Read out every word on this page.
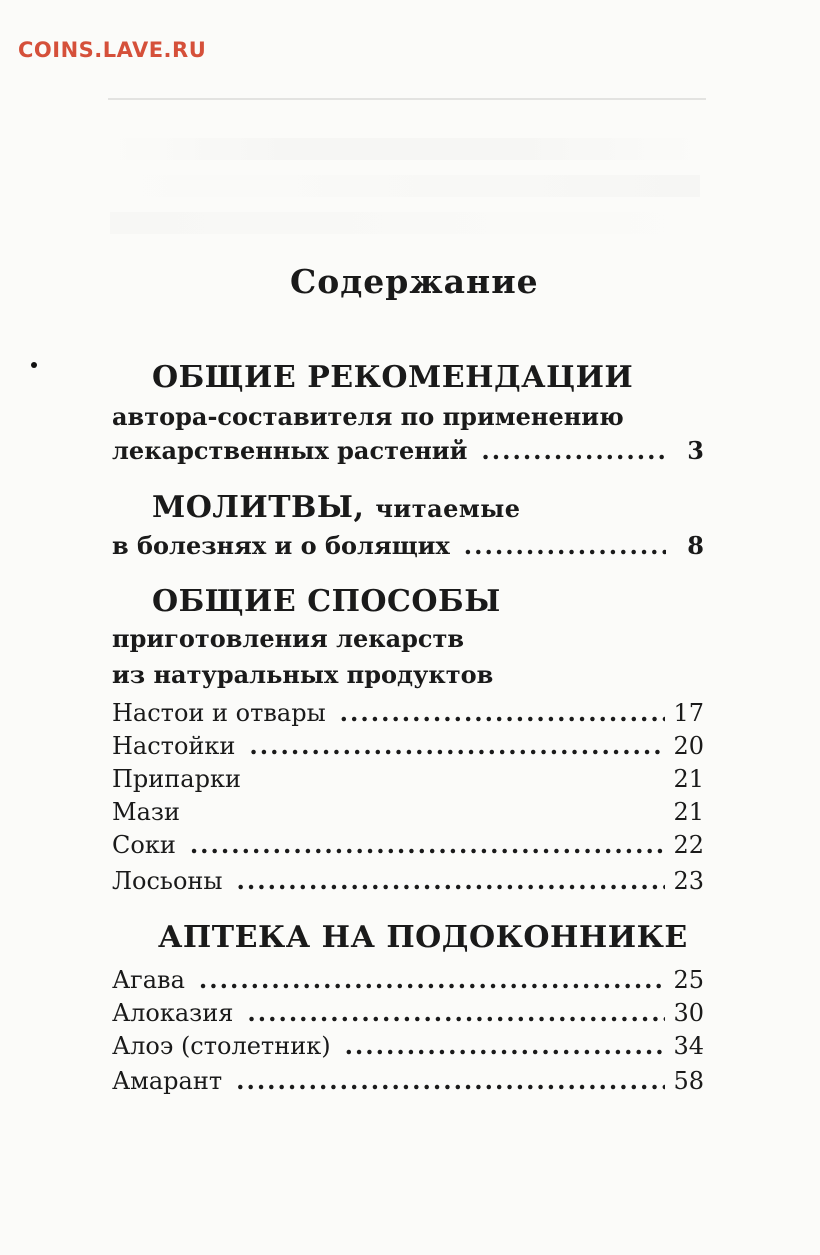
COINS.LAVE.RU
Содержание
ОБЩИЕ РЕКОМЕНДАЦИИ
автора-составителя по применению
лекарственных растений .....	3
МОЛИТВЫ, читаемые
в болезнях и о болящих .....	8
ОБЩИЕ СПОСОБЫ
приготовления лекарств
из натуральных продуктов
Настои и отвары .....	17
Настойки .....	20
Припарки	21
Мази	21
Соки .....	22
Лосьоны .....	23
АПТЕКА НА ПОДОКОННИКЕ
Агава .....	25
Алоказия .....	30
Алоэ (столетник) .....	34
Амарант .....	58
